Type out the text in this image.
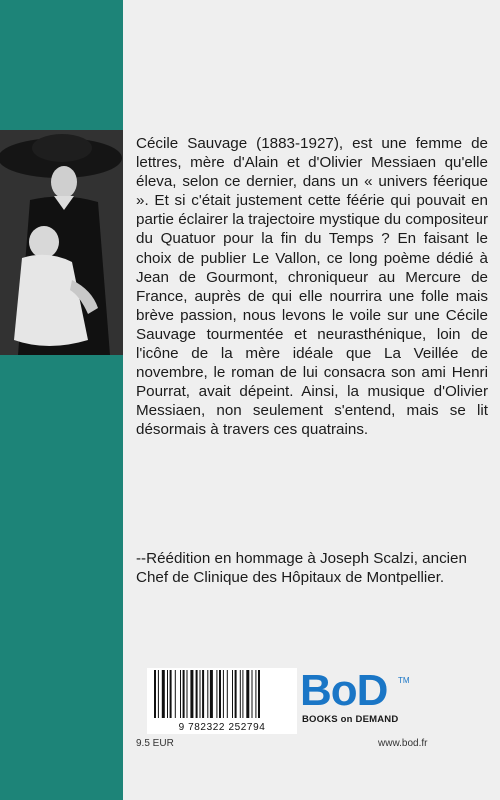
Cécile Sauvage (1883-1927), est une femme de lettres, mère d'Alain et d'Olivier Messiaen qu'elle éleva, selon ce dernier, dans un « univers féerique ». Et si c'était justement cette féérie qui pouvait en partie éclairer la trajectoire mystique du compositeur du Quatuor pour la fin du Temps ? En faisant le choix de publier Le Vallon, ce long poème dédié à Jean de Gourmont, chroniqueur au Mercure de France, auprès de qui elle nourrira une folle mais brève passion, nous levons le voile sur une Cécile Sauvage tourmentée et neurasthénique, loin de l'icône de la mère idéale que La Veillée de novembre, le roman de lui consacra son ami Henri Pourrat, avait dépeint. Ainsi, la musique d'Olivier Messiaen, non seulement s'entend, mais se lit désormais à travers ces quatrains.
--Réédition en hommage à Joseph Scalzi, ancien Chef de Clinique des Hôpitaux de Montpellier.
9 782322 252794
9.5 EUR
BoD TM
BOOKS on DEMAND
www.bod.fr
